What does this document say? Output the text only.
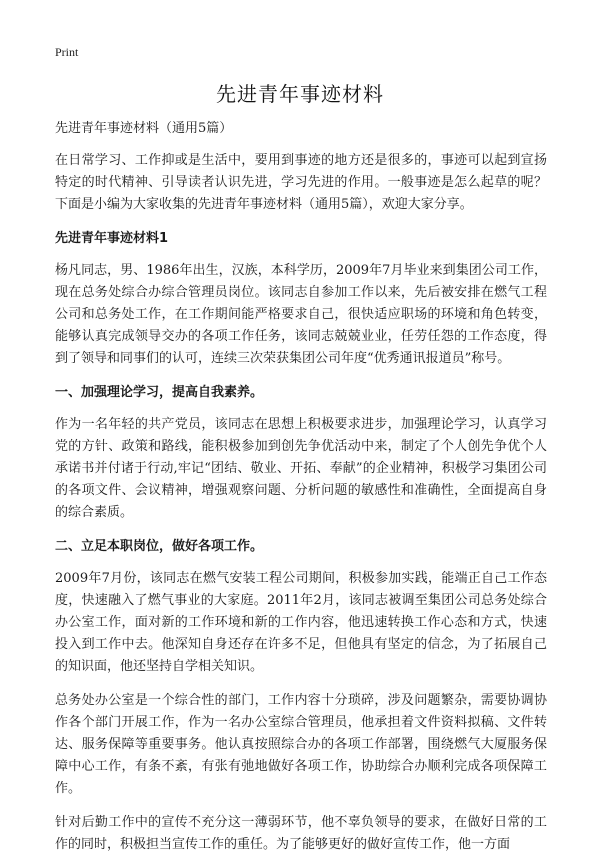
Print
先进青年事迹材料

先进青年事迹材料（通用5篇）

在日常学习、工作抑或是生活中，要用到事迹的地方还是很多的，事迹可以起到宣扬特定的时代精神、引导读者认识先进，学习先进的作用。一般事迹是怎么起草的呢？下面是小编为大家收集的先进青年事迹材料（通用5篇），欢迎大家分享。

先进青年事迹材料1

杨凡同志，男、1986年出生，汉族，本科学历，2009年7月毕业来到集团公司工作，现在总务处综合办综合管理员岗位。该同志自参加工作以来，先后被安排在燃气工程公司和总务处工作，在工作期间能严格要求自己，很快适应职场的环境和角色转变，能够认真完成领导交办的各项工作任务，该同志兢兢业业，任劳任怨的工作态度，得到了领导和同事们的认可，连续三次荣获集团公司年度“优秀通讯报道员”称号。

一、加强理论学习，提高自我素养。

作为一名年轻的共产党员，该同志在思想上积极要求进步，加强理论学习，认真学习党的方针、政策和路线，能积极参加到创先争优活动中来，制定了个人创先争优个人承诺书并付诸于行动,牢记“团结、敬业、开拓、奉献”的企业精神，积极学习集团公司的各项文件、会议精神，增强观察问题、分析问题的敏感性和准确性，全面提高自身的综合素质。

二、立足本职岗位，做好各项工作。

2009年7月份，该同志在燃气安装工程公司期间，积极参加实践，能端正自己工作态度，快速融入了燃气事业的大家庭。2011年2月，该同志被调至集团公司总务处综合办公室工作，面对新的工作环境和新的工作内容，他迅速转换工作心态和方式，快速投入到工作中去。他深知自身还存在许多不足，但他具有坚定的信念，为了拓展自己的知识面，他还坚持自学相关知识。

总务处办公室是一个综合性的部门，工作内容十分琐碎，涉及问题繁杂，需要协调协作各个部门开展工作，作为一名办公室综合管理员，他承担着文件资料拟稿、文件转达、服务保障等重要事务。他认真按照综合办的各项工作部署，围绕燃气大厦服务保障中心工作，有条不紊，有张有弛地做好各项工作，协助综合办顺利完成各项保障工作。

针对后勤工作中的宣传不充分这一薄弱环节，他不辜负领导的要求，在做好日常的工作的同时，积极担当宣传工作的重任。为了能够更好的做好宣传工作，他一方面
